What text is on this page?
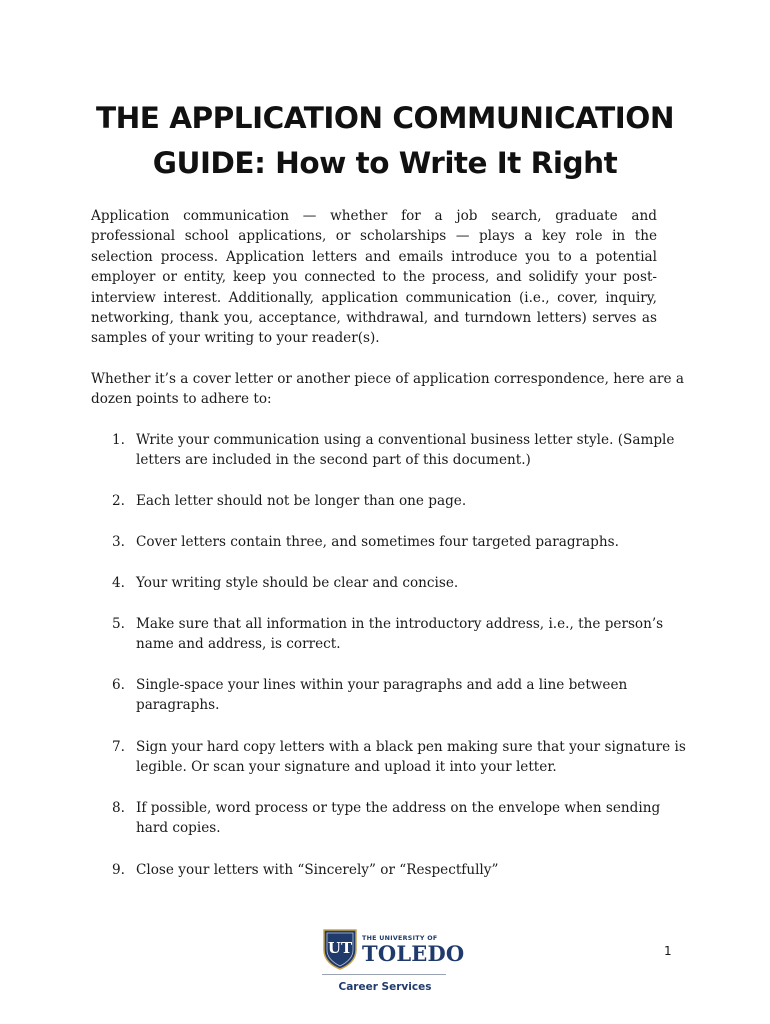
THE APPLICATION COMMUNICATION
GUIDE: How to Write It Right

Application communication — whether for a job search, graduate and professional school applications, or scholarships — plays a key role in the selection process. Application letters and emails introduce you to a potential employer or entity, keep you connected to the process, and solidify your post-interview interest. Additionally, application communication (i.e., cover, inquiry, networking, thank you, acceptance, withdrawal, and turndown letters) serves as samples of your writing to your reader(s).

Whether it’s a cover letter or another piece of application correspondence, here are a dozen points to adhere to:

1. Write your communication using a conventional business letter style. (Sample letters are included in the second part of this document.)
2. Each letter should not be longer than one page.
3. Cover letters contain three, and sometimes four targeted paragraphs.
4. Your writing style should be clear and concise.
5. Make sure that all information in the introductory address, i.e., the person’s name and address, is correct.
6. Single-space your lines within your paragraphs and add a line between paragraphs.
7. Sign your hard copy letters with a black pen making sure that your signature is legible. Or scan your signature and upload it into your letter.
8. If possible, word process or type the address on the envelope when sending hard copies.
9. Close your letters with “Sincerely” or “Respectfully”
UT
THE UNIVERSITY OF
TOLEDO
Career Services
1
